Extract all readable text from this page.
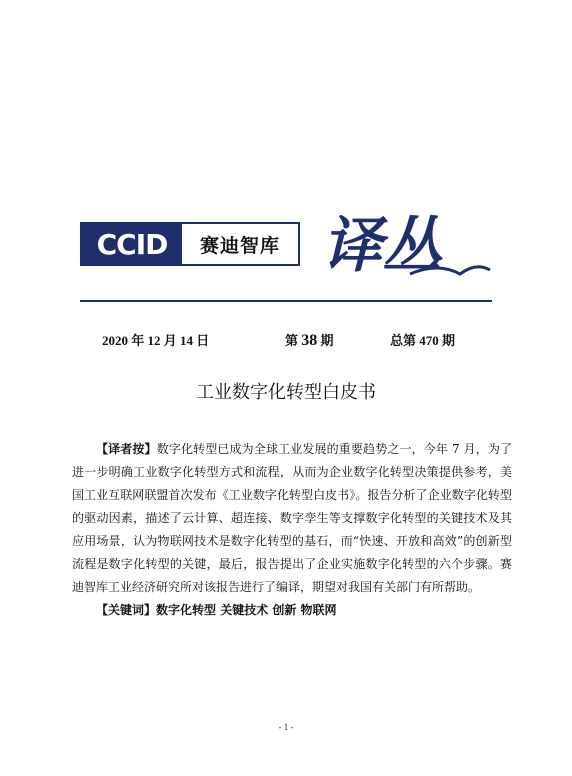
CCID	赛迪智库 译丛
2020 年 12 月 14 日	第 38 期	总第 470 期
工业数字化转型白皮书

【译者按】数字化转型已成为全球工业发展的重要趋势之一，今年 7 月，为了进一步明确工业数字化转型方式和流程，从而为企业数字化转型决策提供参考，美国工业互联网联盟首次发布《工业数字化转型白皮书》。报告分析了企业数字化转型的驱动因素，描述了云计算、超连接、数字孪生等支撑数字化转型的关键技术及其应用场景，认为物联网技术是数字化转型的基石，而“快速、开放和高效”的创新型流程是数字化转型的关键，最后，报告提出了企业实施数字化转型的六个步骤。赛迪智库工业经济研究所对该报告进行了编译，期望对我国有关部门有所帮助。

【关键词】数字化转型 关键技术 创新 物联网

- 1 -
